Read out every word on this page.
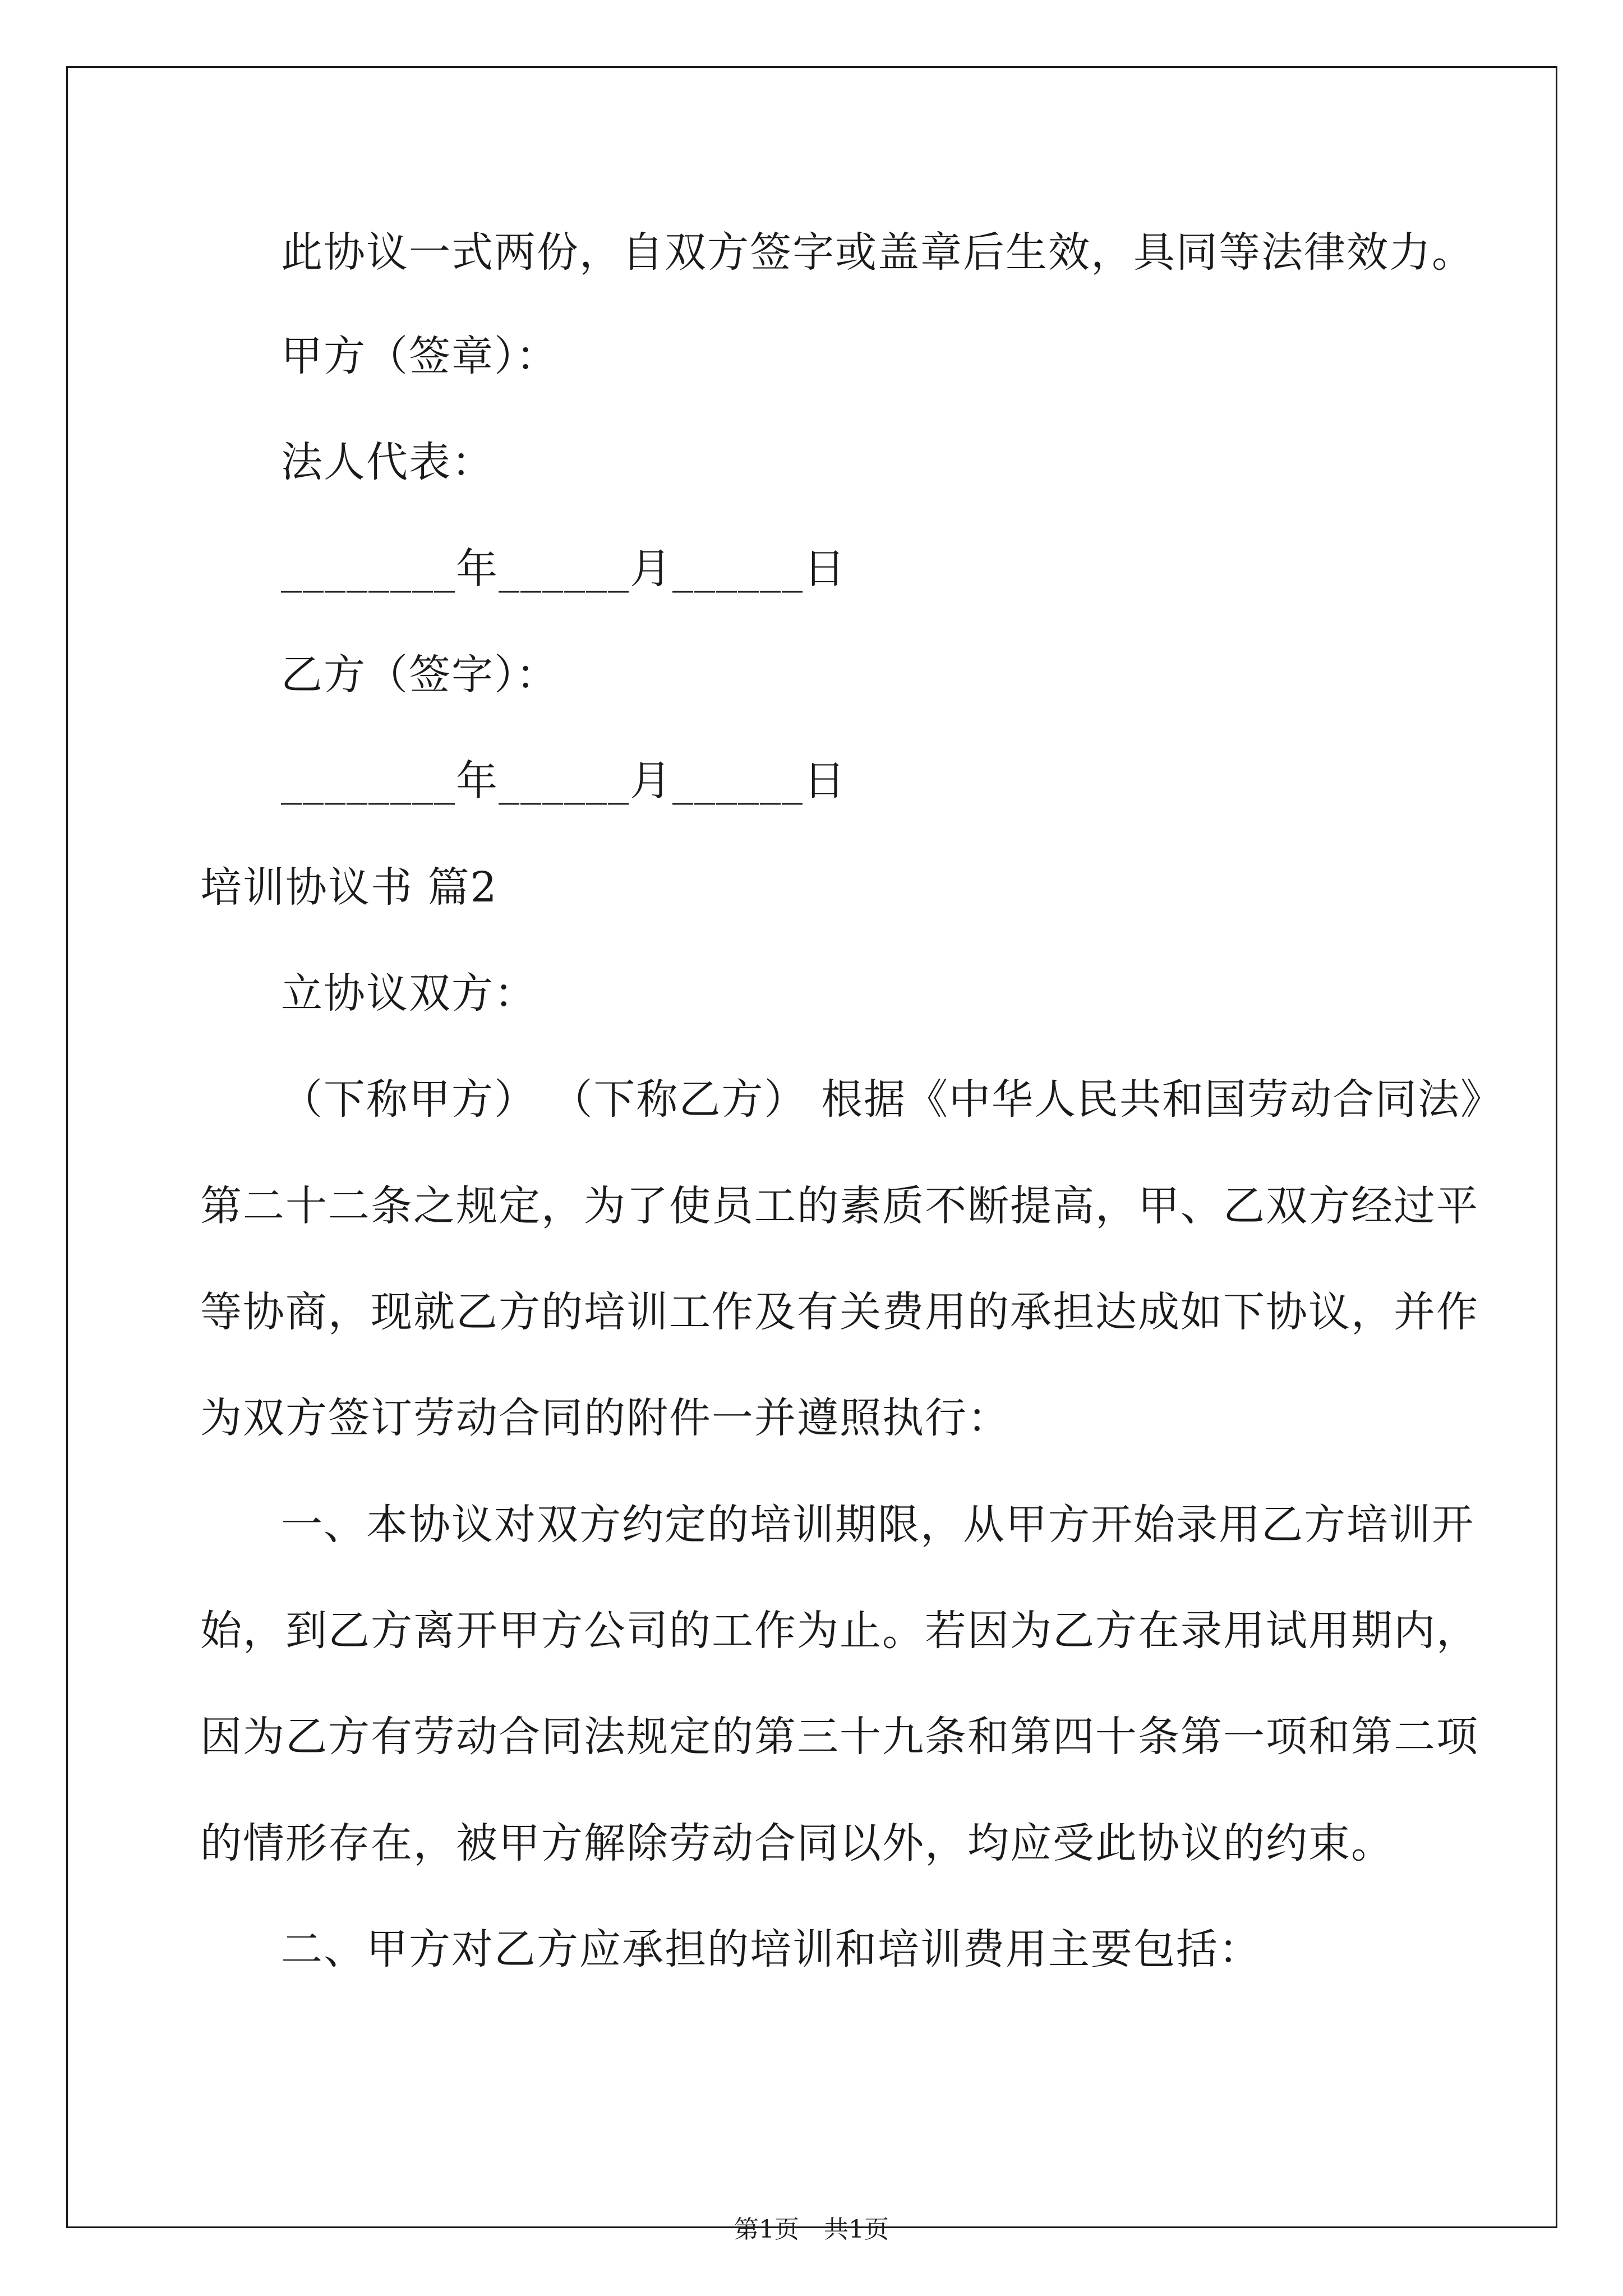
此协议一式两份，自双方签字或盖章后生效，具同等法律效力。
甲方（签章）：
法人代表：
________年______月______日
乙方（签字）：
________年______月______日
培训协议书 篇2
立协议双方：
（下称甲方） （下称乙方） 根据《中华人民共和国劳动合同法》
第二十二条之规定，为了使员工的素质不断提高，甲、乙双方经过平
等协商，现就乙方的培训工作及有关费用的承担达成如下协议，并作
为双方签订劳动合同的附件一并遵照执行：
一、本协议对双方约定的培训期限，从甲方开始录用乙方培训开
始，到乙方离开甲方公司的工作为止。若因为乙方在录用试用期内，
因为乙方有劳动合同法规定的第三十九条和第四十条第一项和第二项
的情形存在，被甲方解除劳动合同以外，均应受此协议的约束。
二、甲方对乙方应承担的培训和培训费用主要包括：
第1页　共1页
